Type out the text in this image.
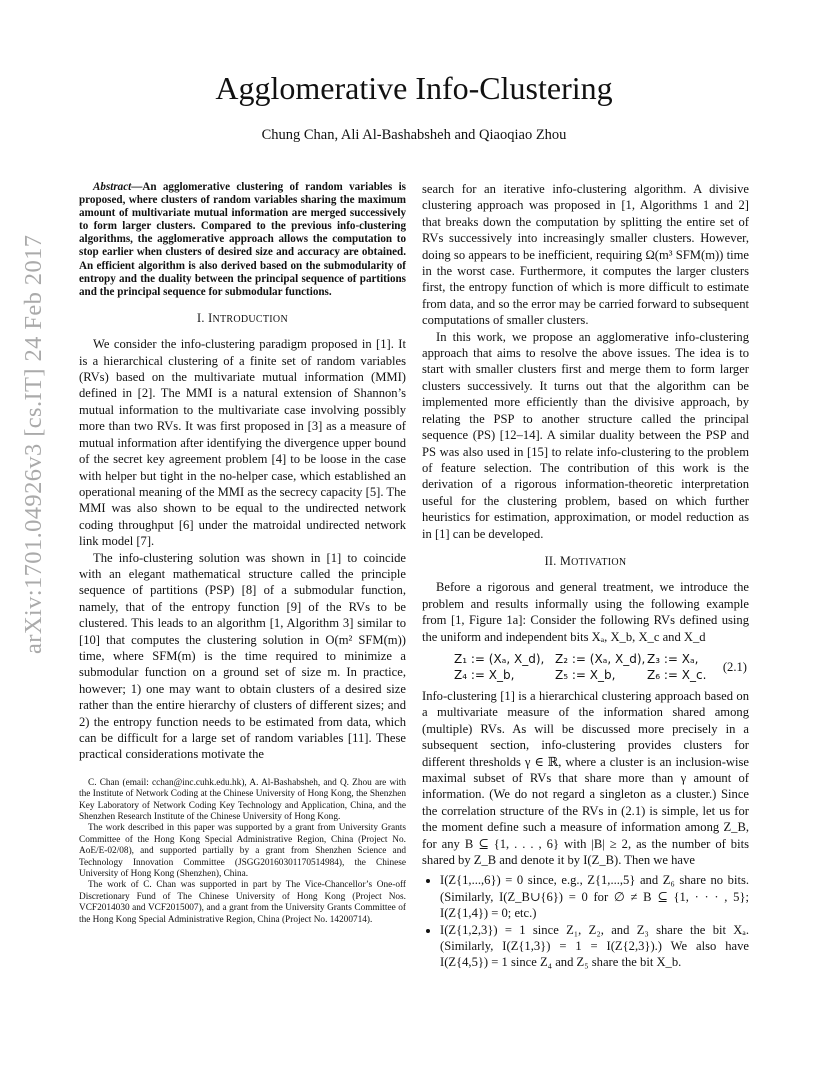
arXiv:1701.04926v3 [cs.IT] 24 Feb 2017
Agglomerative Info-Clustering
Chung Chan, Ali Al-Bashabsheh and Qiaoqiao Zhou

Abstract—An agglomerative clustering of random variables is proposed, where clusters of random variables sharing the maximum amount of multivariate mutual information are merged successively to form larger clusters. Compared to the previous info-clustering algorithms, the agglomerative approach allows the computation to stop earlier when clusters of desired size and accuracy are obtained. An efficient algorithm is also derived based on the submodularity of entropy and the duality between the principal sequence of partitions and the principal sequence for submodular functions.

I. INTRODUCTION

We consider the info-clustering paradigm proposed in [1]. It is a hierarchical clustering of a finite set of random variables (RVs) based on the multivariate mutual information (MMI) defined in [2]. The MMI is a natural extension of Shannon’s mutual information to the multivariate case involving possibly more than two RVs. It was first proposed in [3] as a measure of mutual information after identifying the divergence upper bound of the secret key agreement problem [4] to be loose in the case with helper but tight in the no-helper case, which established an operational meaning of the MMI as the secrecy capacity [5]. The MMI was also shown to be equal to the undirected network coding throughput [6] under the matroidal undirected network link model [7].

The info-clustering solution was shown in [1] to coincide with an elegant mathematical structure called the principle sequence of partitions (PSP) [8] of a submodular function, namely, that of the entropy function [9] of the RVs to be clustered. This leads to an algorithm [1, Algorithm 3] similar to [10] that computes the clustering solution in O(m² SFM(m)) time, where SFM(m) is the time required to minimize a submodular function on a ground set of size m. In practice, however; 1) one may want to obtain clusters of a desired size rather than the entire hierarchy of clusters of different sizes; and 2) the entropy function needs to be estimated from data, which can be difficult for a large set of random variables [11]. These practical considerations motivate the

C. Chan (email: cchan@inc.cuhk.edu.hk), A. Al-Bashabsheh, and Q. Zhou are with the Institute of Network Coding at the Chinese University of Hong Kong, the Shenzhen Key Laboratory of Network Coding Key Technology and Application, China, and the Shenzhen Research Institute of the Chinese University of Hong Kong.

The work described in this paper was supported by a grant from University Grants Committee of the Hong Kong Special Administrative Region, China (Project No. AoE/E-02/08), and supported partially by a grant from Shenzhen Science and Technology Innovation Committee (JSGG20160301170514984), the Chinese University of Hong Kong (Shenzhen), China.

The work of C. Chan was supported in part by The Vice-Chancellor’s One-off Discretionary Fund of The Chinese University of Hong Kong (Project Nos. VCF2014030 and VCF2015007), and a grant from the University Grants Committee of the Hong Kong Special Administrative Region, China (Project No. 14200714).

search for an iterative info-clustering algorithm. A divisive clustering approach was proposed in [1, Algorithms 1 and 2] that breaks down the computation by splitting the entire set of RVs successively into increasingly smaller clusters. However, doing so appears to be inefficient, requiring Ω(m³ SFM(m)) time in the worst case. Furthermore, it computes the larger clusters first, the entropy function of which is more difficult to estimate from data, and so the error may be carried forward to subsequent computations of smaller clusters.

In this work, we propose an agglomerative info-clustering approach that aims to resolve the above issues. The idea is to start with smaller clusters first and merge them to form larger clusters successively. It turns out that the algorithm can be implemented more efficiently than the divisive approach, by relating the PSP to another structure called the principal sequence (PS) [12–14]. A similar duality between the PSP and PS was also used in [15] to relate info-clustering to the problem of feature selection. The contribution of this work is the derivation of a rigorous information-theoretic interpretation useful for the clustering problem, based on which further heuristics for estimation, approximation, or model reduction as in [1] can be developed.

II. MOTIVATION

Before a rigorous and general treatment, we introduce the problem and results informally using the following example from [1, Figure 1a]: Consider the following RVs defined using the uniform and independent bits Xₐ, X_b, X_c and X_d

Z₁ := (Xₐ, X_d), Z₂ := (Xₐ, X_d), Z₃ := Xₐ,
Z₄ := X_b,	Z₅ := X_b,	Z₆ := X_c.
(2.1)

Info-clustering [1] is a hierarchical clustering approach based on a multivariate measure of the information shared among (multiple) RVs. As will be discussed more precisely in a subsequent section, info-clustering provides clusters for different thresholds γ ∈ ℝ, where a cluster is an inclusion-wise maximal subset of RVs that share more than γ amount of information. (We do not regard a singleton as a cluster.) Since the correlation structure of the RVs in (2.1) is simple, let us for the moment define such a measure of information among Z_B, for any B ⊆ {1, . . . , 6} with |B| ≥ 2, as the number of bits shared by Z_B and denote it by I(Z_B). Then we have

• I(Z{1,...,6}) = 0 since, e.g., Z{1,...,5} and Z₆ share no bits. (Similarly, I(Z_B∪{6}) = 0 for ∅ ≠ B ⊆ {1, · · · , 5}; I(Z{1,4}) = 0; etc.)
• I(Z{1,2,3}) = 1 since Z₁, Z₂, and Z₃ share the bit Xₐ. (Similarly, I(Z{1,3}) = 1 = I(Z{2,3}).) We also have I(Z{4,5}) = 1 since Z₄ and Z₅ share the bit X_b.
